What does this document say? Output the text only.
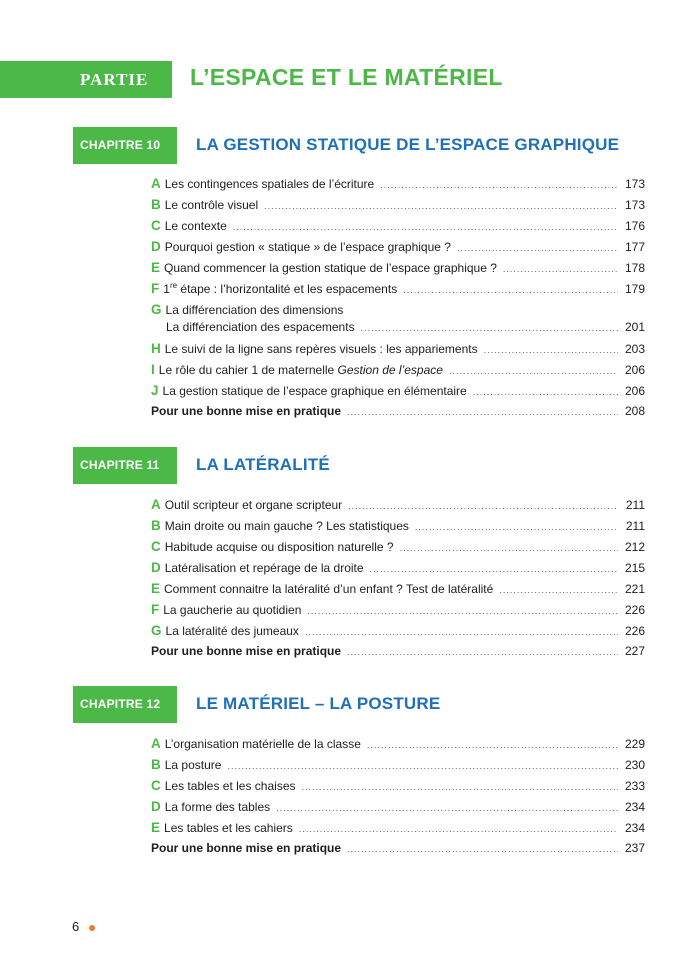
PARTIE III
L’ESPACE ET LE MATÉRIEL
CHAPITRE 10	LA GESTION STATIQUE DE L’ESPACE GRAPHIQUE
A Les contingences spatiales de l’écriture .....	173
B Le contrôle visuel .....	173
C Le contexte .....	176
D Pourquoi gestion « statique » de l’espace graphique ? .....	177
E Quand commencer la gestion statique de l’espace graphique ? .....	178
F 1re étape : l’horizontalité et les espacements .....	179
G La différenciation des dimensions
La différenciation des espacements .....	201
H Le suivi de la ligne sans repères visuels : les appariements .....	203
I Le rôle du cahier 1 de maternelle Gestion de l’espace .....	206
J La gestion statique de l’espace graphique en élémentaire .....	206
Pour une bonne mise en pratique .....	208
CHAPITRE 11	LA LATÉRALITÉ
A Outil scripteur et organe scripteur .....	211
B Main droite ou main gauche ? Les statistiques .....	211
C Habitude acquise ou disposition naturelle ? .....	212
D Latéralisation et repérage de la droite .....	215
E Comment connaitre la latéralité d’un enfant ? Test de latéralité .....	221
F La gaucherie au quotidien .....	226
G La latéralité des jumeaux .....	226
Pour une bonne mise en pratique .....	227
CHAPITRE 12	LE MATÉRIEL – LA POSTURE
A L’organisation matérielle de la classe .....	229
B La posture .....	230
C Les tables et les chaises .....	233
D La forme des tables .....	234
E Les tables et les cahiers .....	234
Pour une bonne mise en pratique .....	237
6
